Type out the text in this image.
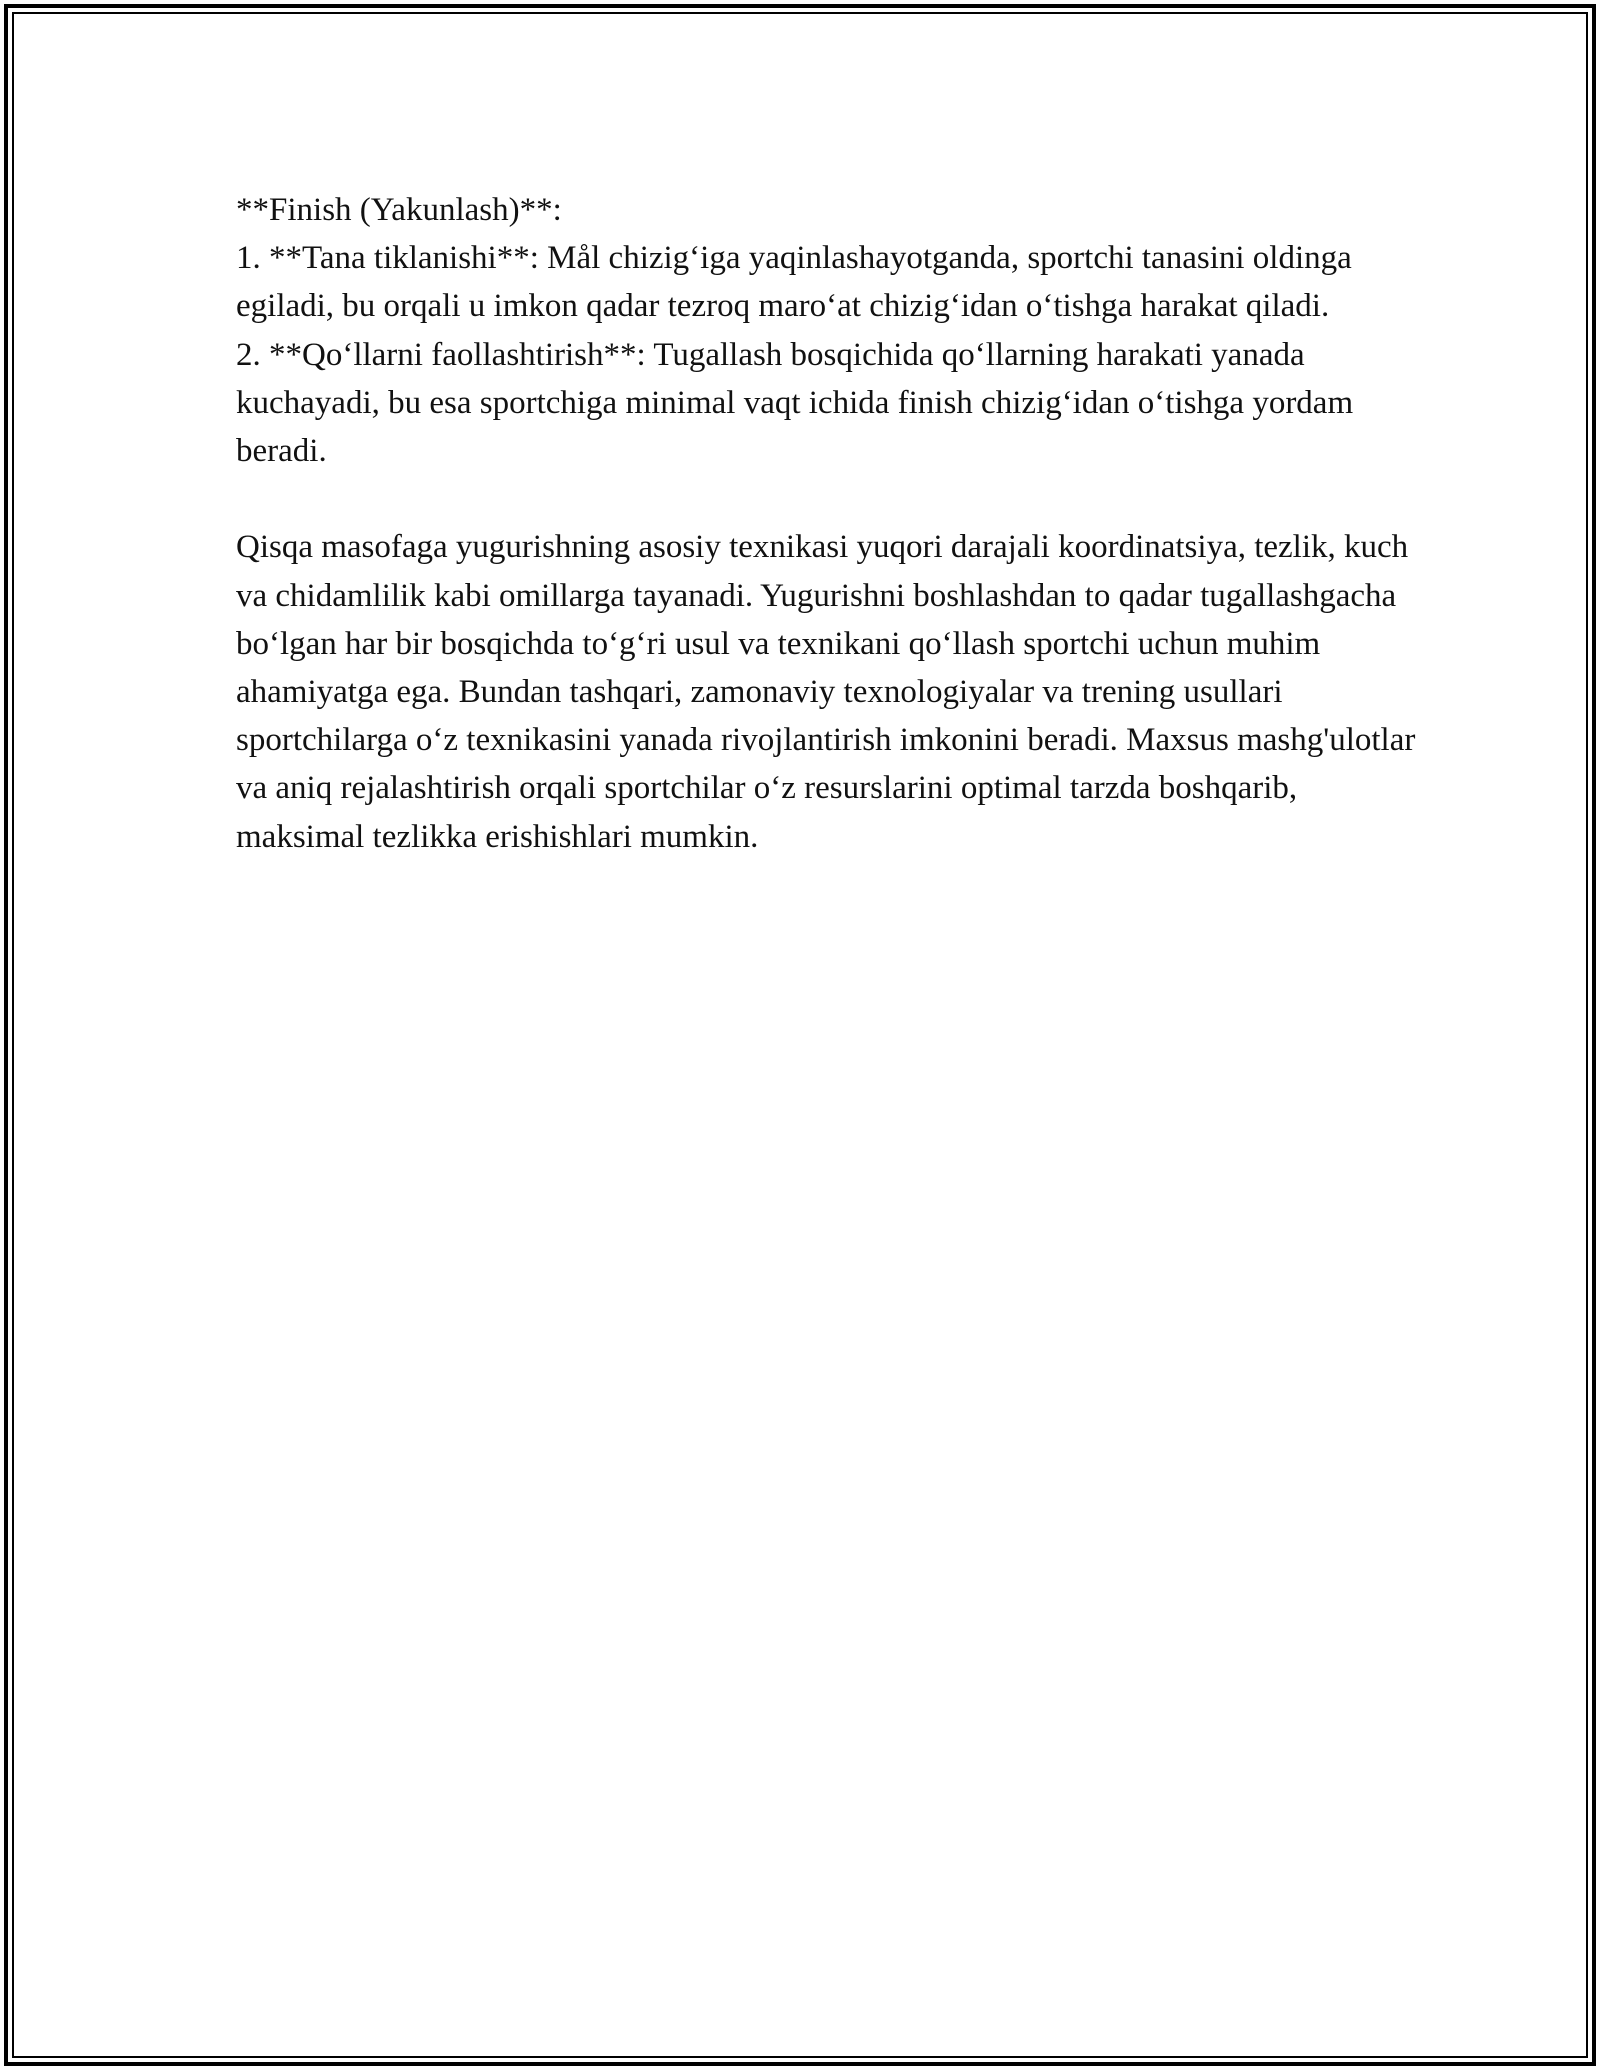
**Finish (Yakunlash)**:

1. **Tana tiklanishi**: Mål chizig‘iga yaqinlashayotganda, sportchi tanasini oldinga egiladi, bu orqali u imkon qadar tezroq maro‘at chizig‘idan o‘tishga harakat qiladi.

2. **Qo‘llarni faollashtirish**: Tugallash bosqichida qo‘llarning harakati yanada kuchayadi, bu esa sportchiga minimal vaqt ichida finish chizig‘idan o‘tishga yordam beradi.

Qisqa masofaga yugurishning asosiy texnikasi yuqori darajali koordinatsiya, tezlik, kuch va chidamlilik kabi omillarga tayanadi. Yugurishni boshlashdan to qadar tugallashgacha bo‘lgan har bir bosqichda to‘g‘ri usul va texnikani qo‘llash sportchi uchun muhim ahamiyatga ega. Bundan tashqari, zamonaviy texnologiyalar va trening usullari sportchilarga o‘z texnikasini yanada rivojlantirish imkonini beradi. Maxsus mashg'ulotlar va aniq rejalashtirish orqali sportchilar o‘z resurslarini optimal tarzda boshqarib, maksimal tezlikka erishishlari mumkin.
